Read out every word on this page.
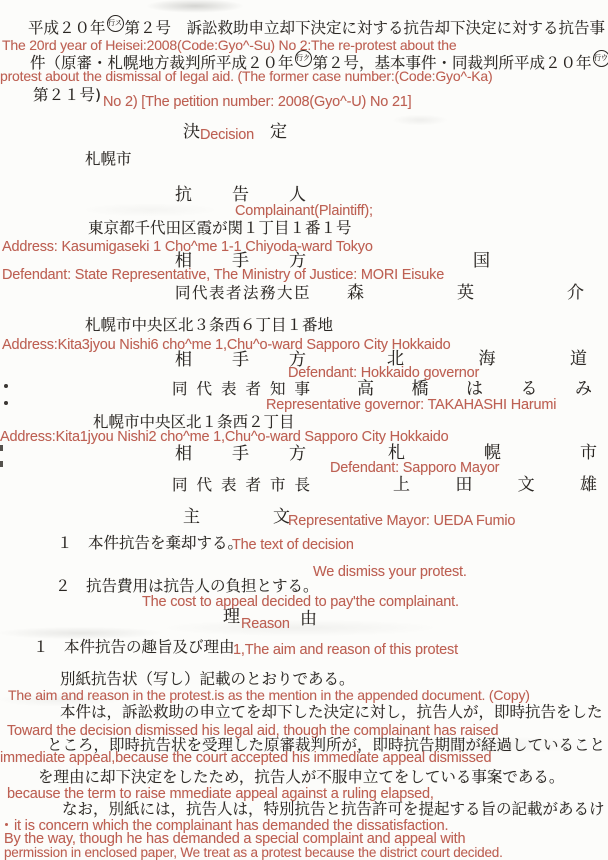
平成２０年 行ス 第２号　訴訟救助申立却下決定に対する抗告却下決定に対する抗告事
The 20rd year of Heisei:2008(Code:Gyo^-Su) No 2:The re-protest about the
件（原審・札幌地方裁判所平成２０年 行ク 第２号，基本事件・同裁判所平成２０年 行ウ
protest about the dismissal of legal aid. (The former case number:(Code:Gyo^-Ka)
第２１号) No 2) [The petition number: 2008(Gyo^-U) No 21]
決 Decision 定
札幌市
抗告人
Complainant(Plaintiff);
東京都千代田区霞が関１丁目１番１号
Address: Kasumigaseki 1 Cho^me 1-1 Chiyoda-ward Tokyo
相手方	国
Defendant: State Representative, The Ministry of Justice: MORI Eisuke
同代表者法務大臣 森	英	介
札幌市中央区北３条西６丁目１番地
Address:Kita3jyou Nishi6 cho^me 1,Chu^o-ward Sapporo City Hokkaido
相手方 北	海	道
Defendant: Hokkaido governor
同代表者知事 高 橋 は る み
Representative governor: TAKAHASHI Harumi
札幌市中央区北１条西２丁目
Address:Kita1jyou Nishi2 cho^me 1,Chu^o-ward Sapporo City Hokkaido
相手方 札	幌	市
Defendant: Sapporo Mayor
同代表者市長	上	田	文	雄
主	文
Representative Mayor: UEDA Fumio
１　本件抗告を棄却する。
The text of decision
We dismiss your protest.
２　抗告費用は抗告人の負担とする。
The cost to appeal decided to pay'the complainant.
理 Reason 由
１　本件抗告の趣旨及び理由
1,The aim and reason of this protest
別紙抗告状（写し）記載のとおりである。
The aim and reason in the protest.is as the mention in the appended document. (Copy)
本件は，訴訟救助の申立てを却下した決定に対し，抗告人が，即時抗告をした
Toward the decision dismissed his legal aid, though the complainant has raised
ところ，即時抗告状を受理した原審裁判所が，即時抗告期間が経過していること
immediate appeal,because the court accepted his immediate appeal dismissed
を理由に却下決定をしたため，抗告人が不服申立てをしている事案である。
because the term to raise mmediate appeal against a ruling elapsed,
なお，別紙には，抗告人は，特別抗告と抗告許可を提起する旨の記載があるけ
it is concern which the complainant has demanded the dissatisfaction.
By the way, though he has demanded a special complaint and appeal with
permission in enclosed paper, We treat as a protest because the district court decided.
